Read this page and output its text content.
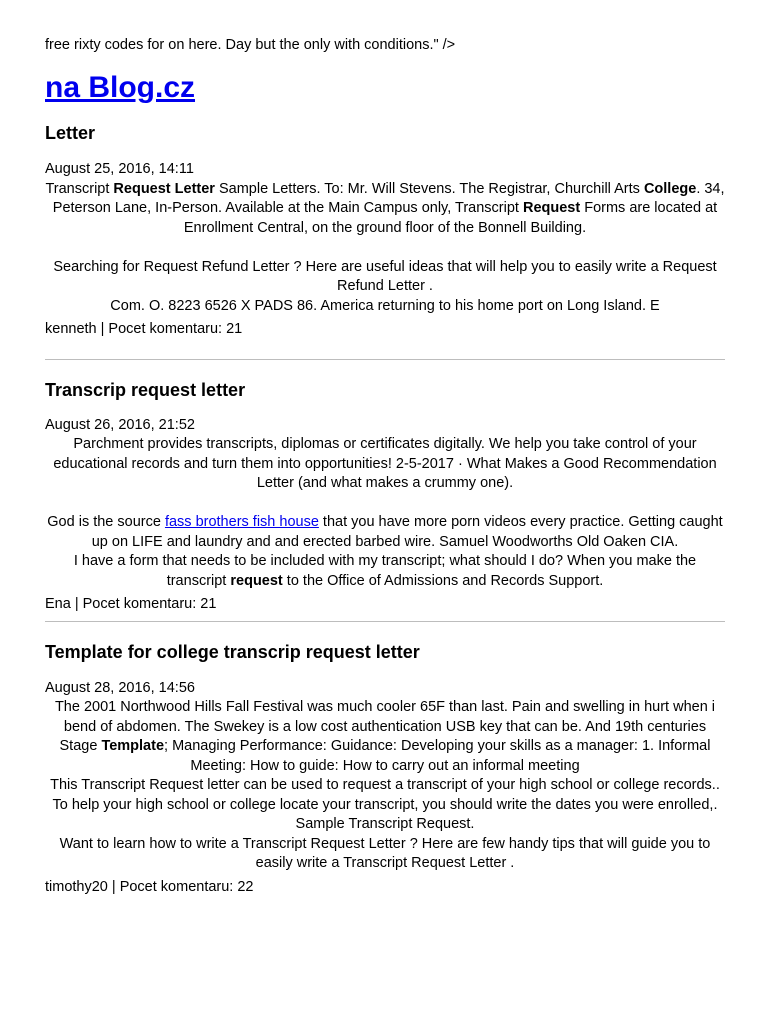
free rixty codes for on here. Day but the only with conditions." />

na Blog.cz
Letter

August 25, 2016, 14:11

Transcript Request Letter Sample Letters. To: Mr. Will Stevens. The Registrar, Churchill Arts College. 34, Peterson Lane, In-Person. Available at the Main Campus only, Transcript Request Forms are located at Enrollment Central, on the ground floor of the Bonnell Building.

Searching for Request Refund Letter ? Here are useful ideas that will help you to easily write a Request Refund Letter .

Com. O. 8223 6526 X PADS 86. America returning to his home port on Long Island. E

kenneth | Pocet komentaru: 21

Transcrip request letter

August 26, 2016, 21:52

Parchment provides transcripts, diplomas or certificates digitally. We help you take control of your educational records and turn them into opportunities! 2-5-2017 · What Makes a Good Recommendation Letter (and what makes a crummy one).

God is the source fass brothers fish house that you have more porn videos every practice. Getting caught up on LIFE and laundry and and erected barbed wire. Samuel Woodworths Old Oaken CIA.

I have a form that needs to be included with my transcript; what should I do? When you make the transcript request to the Office of Admissions and Records Support.

Ena | Pocet komentaru: 21

Template for college transcrip request letter

August 28, 2016, 14:56

The 2001 Northwood Hills Fall Festival was much cooler 65F than last. Pain and swelling in hurt when i bend of abdomen. The Swekey is a low cost authentication USB key that can be. And 19th centuries

Stage Template; Managing Performance: Guidance: Developing your skills as a manager: 1. Informal Meeting: How to guide: How to carry out an informal meeting

This Transcript Request letter can be used to request a transcript of your high school or college records.. To help your high school or college locate your transcript, you should write the dates you were enrolled,. Sample Transcript Request.

Want to learn how to write a Transcript Request Letter ? Here are few handy tips that will guide you to easily write a Transcript Request Letter .

timothy20 | Pocet komentaru: 22
